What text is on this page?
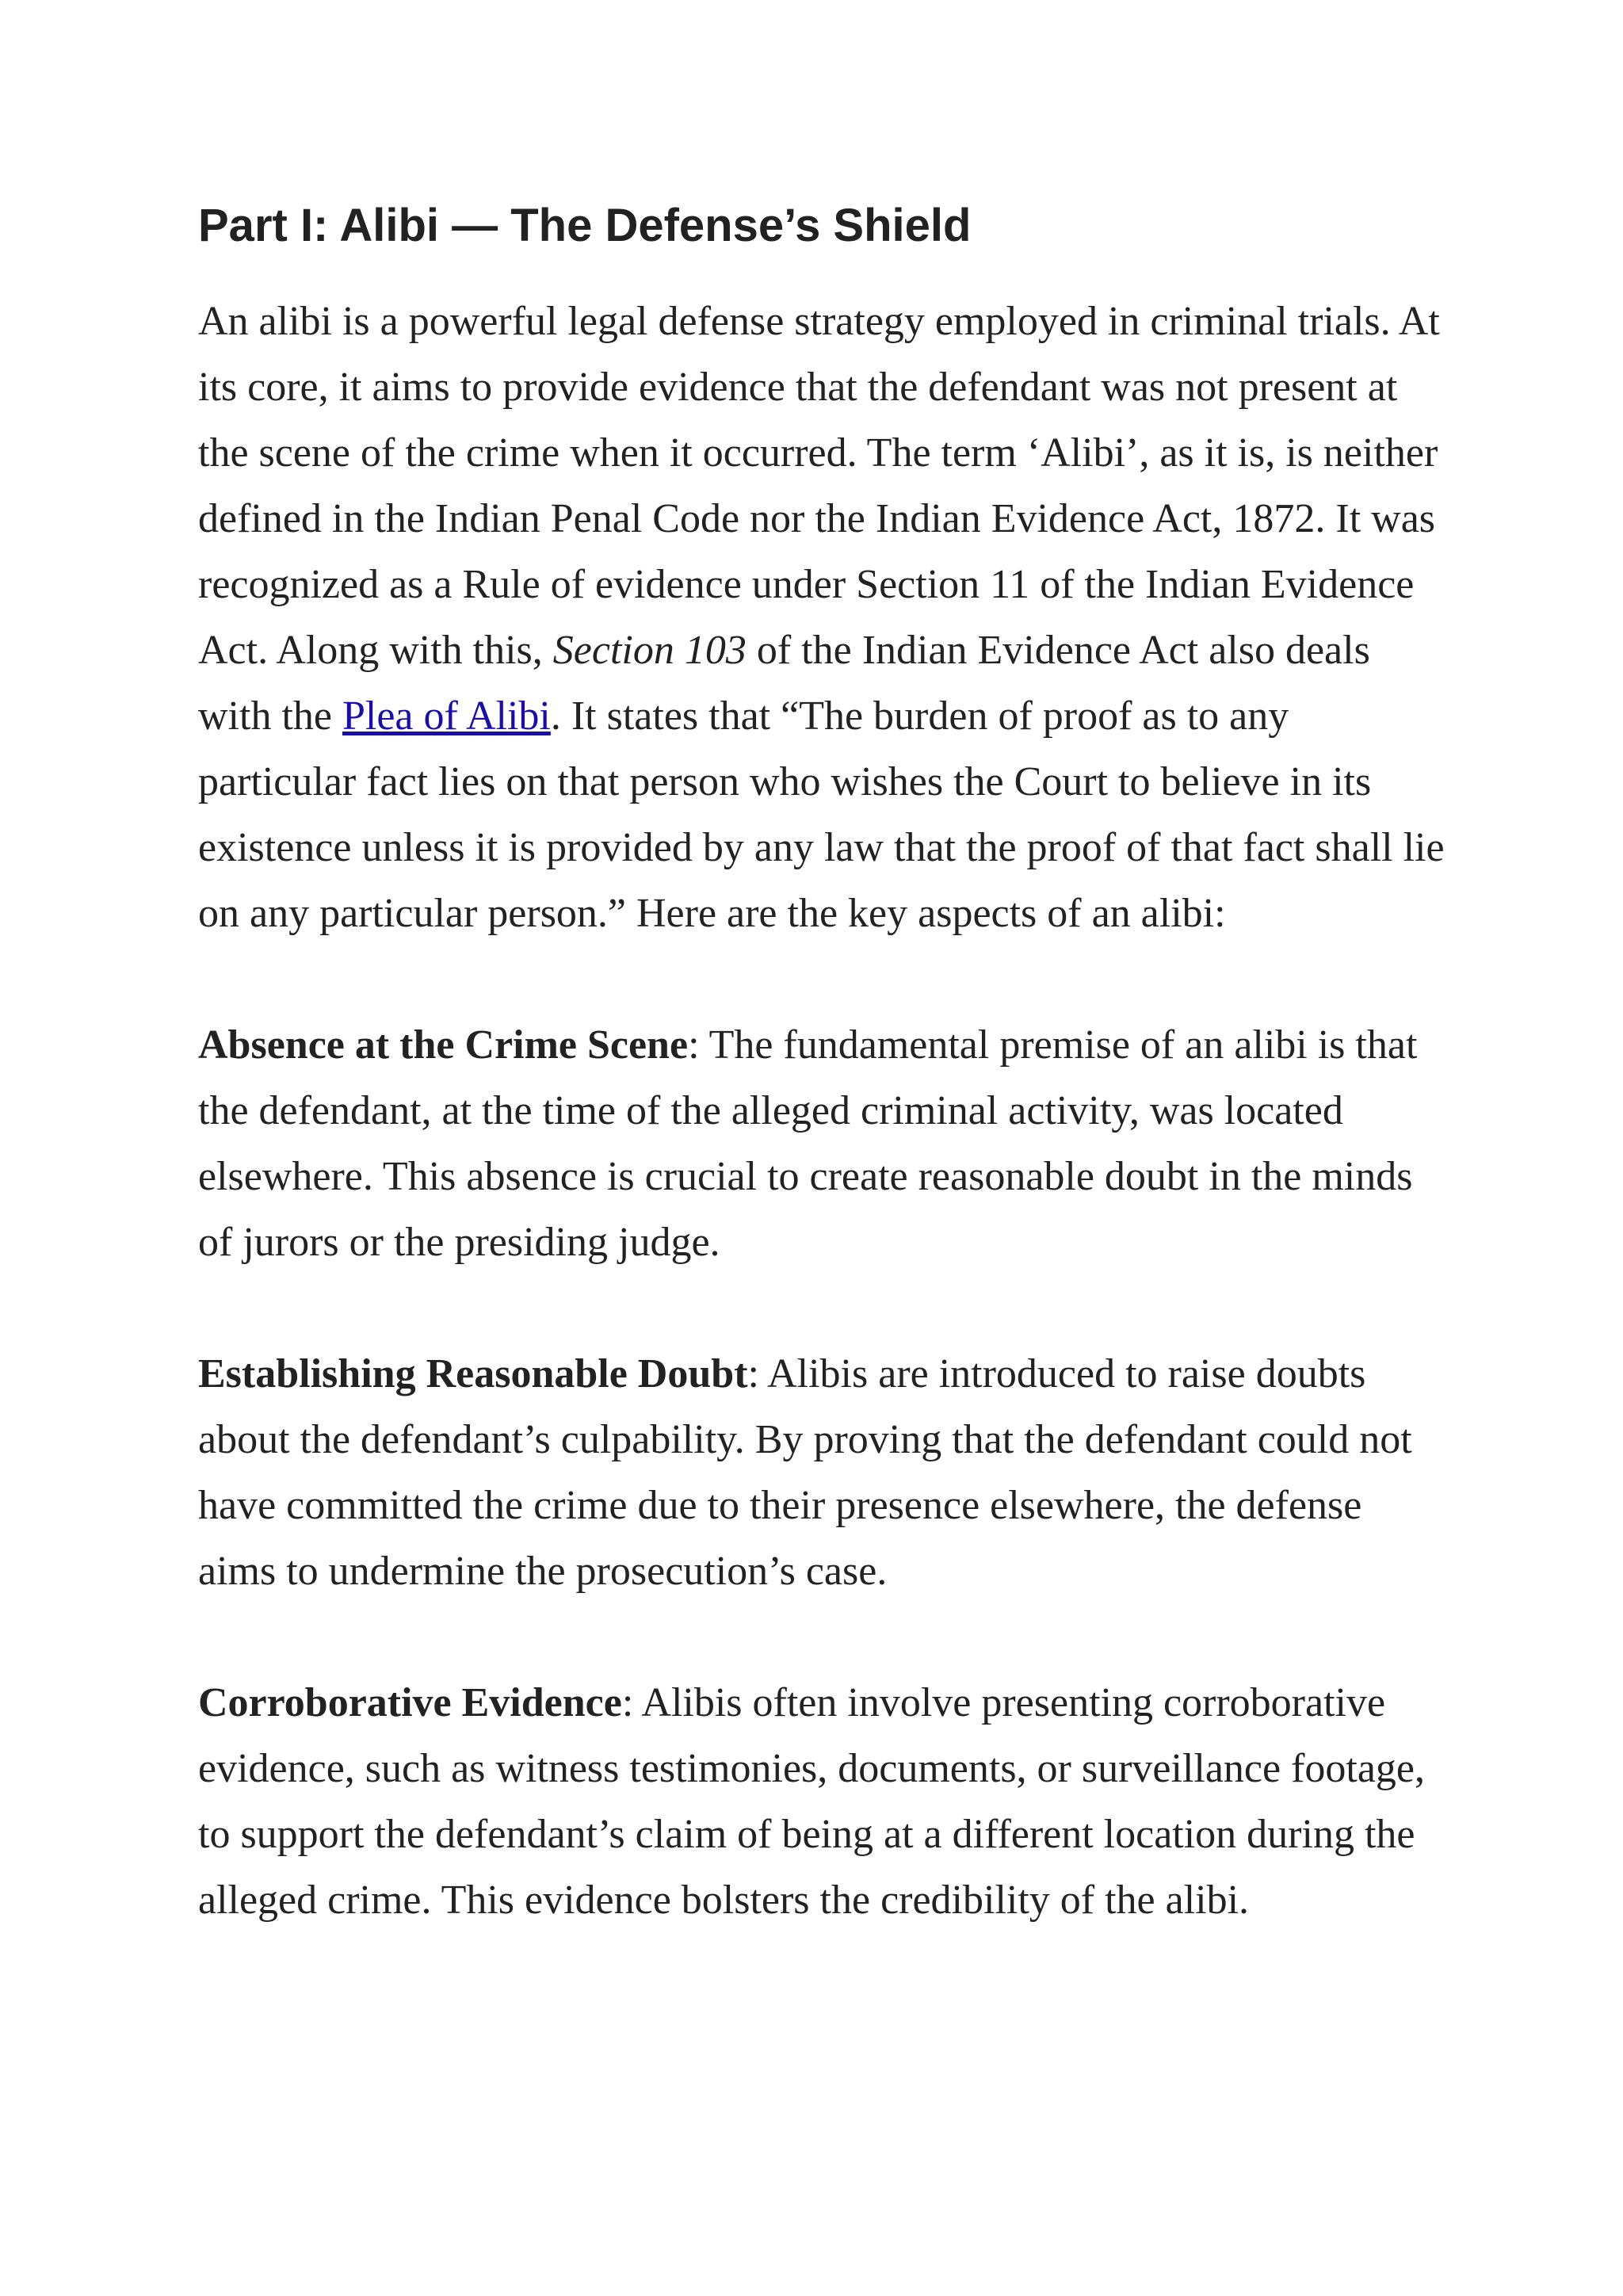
Part I: Alibi — The Defense’s Shield

An alibi is a powerful legal defense strategy employed in criminal trials. At its core, it aims to provide evidence that the defendant was not present at the scene of the crime when it occurred. The term ‘Alibi’, as it is, is neither defined in the Indian Penal Code nor the Indian Evidence Act, 1872. It was recognized as a Rule of evidence under Section 11 of the Indian Evidence Act. Along with this, Section 103 of the Indian Evidence Act also deals with the Plea of Alibi. It states that “The burden of proof as to any particular fact lies on that person who wishes the Court to believe in its existence unless it is provided by any law that the proof of that fact shall lie on any particular person.” Here are the key aspects of an alibi:

Absence at the Crime Scene: The fundamental premise of an alibi is that the defendant, at the time of the alleged criminal activity, was located elsewhere. This absence is crucial to create reasonable doubt in the minds of jurors or the presiding judge.

Establishing Reasonable Doubt: Alibis are introduced to raise doubts about the defendant’s culpability. By proving that the defendant could not have committed the crime due to their presence elsewhere, the defense aims to undermine the prosecution’s case.

Corroborative Evidence: Alibis often involve presenting corroborative evidence, such as witness testimonies, documents, or surveillance footage, to support the defendant’s claim of being at a different location during the alleged crime. This evidence bolsters the credibility of the alibi.
